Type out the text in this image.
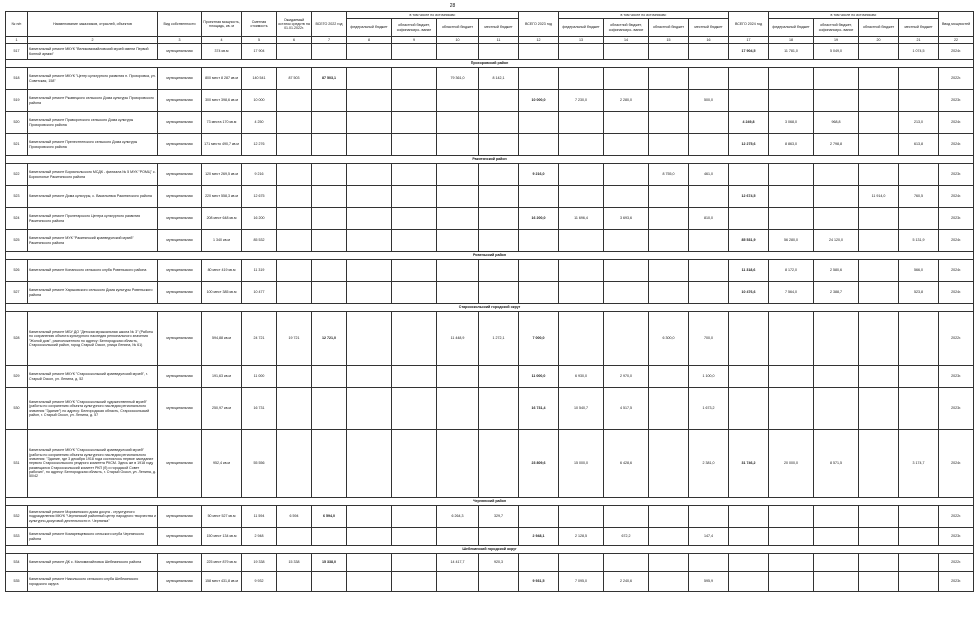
28
№ п/п	Наименование заказчиков, отраслей, объектов	Вид собственности	Проектная мощность, площадь, кв. м	Сметная стоимость	Ожидаемый остаток средств на 01.01.2022г.	ВСЕГО 2022 год	в том числе по источникам:				ВСЕГО 2023 год	в том числе по источникам:				ВСЕГО 2024 год	в том числе по источникам:				Ввод мощностей
							федеральный бюджет	областной бюджет, софинансиро- вание	областной бюджет	местный бюджет		федеральный бюджет	областной бюджет, софинансиро- вание	областной бюджет	местный бюджет		федеральный бюджет	областной бюджет, софинансиро- вание	областной бюджет	местный бюджет	
1	2	3	4	5	6	7	8	9	10	11	12	13	14	15	16	17	18	19	20	21	22
517	Капитальный ремонт МКУК "Великомихайловский музей имени Первой Конной армии"	муниципальная	374 кв.м	17 904												17 904,5	11 781,0	5 049,0		1 074,5	2024г.
Прохоровский район																					
518	Капитальный ремонт МКУК "Центр культурного развития п. Прохоровка, ул. Советская, 158"	муниципальная	800 мест 8 287 кв.м	140 541	87 503	87 503,1			79 361,0	8 142,1											2022г.
519	Капитальный ремонт Ржавецкого сельского Дома культуры Прохоровского района	муниципальная	300 мест 398,6 кв.м	10 000							10 000,0	7 230,0	2 280,0		500,0						2023г.
520	Капитальный ремонт Праворотского сельского Дома культуры Прохоровского района	муниципальная	73 места 170 кв.м	4 250												4 249,8	3 068,0	968,8		213,0	2024г.
521	Капитальный ремонт Прелестненского сельского Дома культуры Прохоровского района	муниципальная	171 место 490,7 кв.м	12 276												12 275,6	8 863,0	2 798,8		613,8	2024г.
Ракитянский район																					
522	Капитальный ремонт Бориспольского МСДК - филиала № 5 МУК "РОМЦ" с. Бориспольe Ракитянского района	муниципальная	120 мест 269,5 кв.м	9 216							9 216,0			8 755,0	461,0						2023г.
523	Капитальный ремонт Дома культуры, с. Васильевка Ракитянского района	муниципальная	220 мест 558,3 кв.м	12 675												12 674,5			11 914,0	760,5	2024г.
524	Капитальный ремонт Пролетарского Центра культурного развития Ракитянского района	муниципальная	208 мест 648 кв.м	16 200							16 200,0	11 696,4	3 693,6		810,0						2023г.
525	Капитальный ремонт МУК "Ракитянский краеведческий музей" Ракитянского района	муниципальная	1 340 кв.м	85 532												85 531,9	56 280,0	24 120,0		5 131,9	2024г.
Ровеньский район																					
526	Капитальный ремонт Копанского сельского клуба Ровеньского района	муниципальная	80 мест 419 кв.м	11 319												11 318,6	8 172,0	2 580,6		566,0	2024г.
527	Капитальный ремонт Харьковского сельского Дома культуры Ровеньского района	муниципальная	100 мест 385 кв.м	10 477												10 476,6	7 564,0	2 388,7		523,8	2024г.
Старооскольский городской округ																					
528	Капитальный ремонт МБУ ДО "Детская музыкальная школа № 3" (Работы по сохранению объекта культурного наследия регионального значения "Жилой дом", расположенного по адресу: Белгородская область, Старооскольский район, город Старый Оскол, улица Ленина, № 61)	муниципальная	594,88 кв.м	24 721	19 721	12 721,0			11 448,9	1 272,1	7 000,0			6 300,0	700,0						2022г.
529	Капитальный ремонт МКУК "Старооскольский краеведческий музей", г. Старый Оскол, ул. Ленина, д. 52	муниципальная	191,63 кв.м	11 000							11 000,0	6 930,0	2 970,0		1 100,0						2023г.
530	Капитальный ремонт МКУК "Старооскольский художественный музей" (работы по сохранению объекта культурного наследия регионального значения "Здание") по адресу: Белгородская область, Старооскольский район, г. Старый Оскол, ул. Ленина, д. 57	муниципальная	250,97 кв.м	16 731							16 731,4	10 540,7	4 517,5		1 673,2						2023г.
531	Капитальный ремонт МКУК "Старооскольский краеведческий музей" (работы по сохранению объекта культурного наследия регионального значения: "Здание, где 3 декабря 1918 года состоялось первое заседание первого Старооскольского уездного комитета РКСМ. Здесь же в 1918 году размещался Старооскольский комитет РКП (б) и городской Совет рабочих", по адресу: Белгородская область, г. Старый Оскол, ул. Ленина, д. 50/42	муниципальная	952,4 кв.м	55 556							23 809,6	15 000,0	6 428,6		2 381,0	31 746,2	20 000,0	8 571,5		3 174,7	2024г.
Чернянский район																					
532	Капитальный ремонт Морквинского дома досуга - структурного подразделения МКУК "Чернянский районный центр народного творчества и культурно-досуговой деятельности п. Чернянка"	муниципальная	50 мест 527 кв.м	11 594	6 594	6 594,0			6 264,3	329,7											2022г.
533	Капитальный ремонт Комаревцевского сельского клуба Чернянского района	муниципальная	150 мест 134 кв.м	2 948							2 948,1	2 128,5	672,2		147,4						2023г.
Шебекинский городской округ																					
534	Капитальный ремонт ДК с. Маломихайловка Шебекинского района	муниципальная	225 мест 879 кв.м	19 338	15 338	15 338,0			14 417,7	920,3											2022г.
535	Капитальный ремонт Никольского сельского клуба Шебекинского городского округа	муниципальная	158 мест 431,8 кв.м	9 932							9 931,5	7 095,0	2 240,6		595,9						2023г.
